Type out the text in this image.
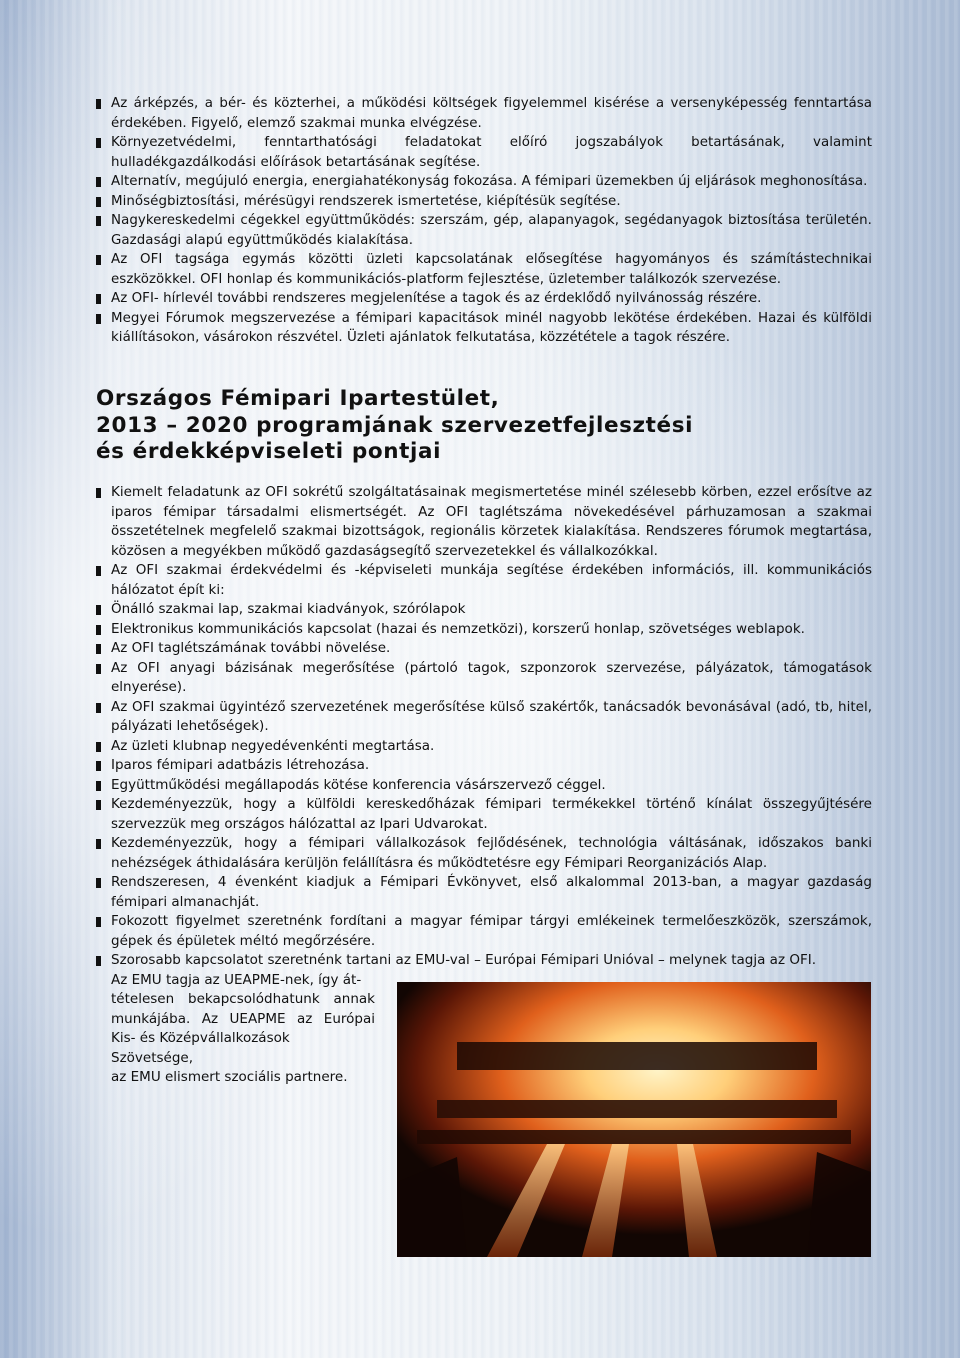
Az árképzés, a bér- és közterhei, a működési költségek figyelemmel kisérése a versenyképesség fenntartása érdekében. Figyelő, elemző szakmai munka elvégzése.
Környezetvédelmi, fenntarthatósági feladatokat előíró jogszabályok betartásának, valamint hulladékgazdálkodási előírások betartásának segítése.
Alternatív, megújuló energia, energiahatékonyság fokozása. A fémipari üzemekben új eljárások meghonosítása.
Minőségbiztosítási, mérésügyi rendszerek ismertetése, kiépítésük segítése.
Nagykereskedelmi cégekkel együttműködés: szerszám, gép, alapanyagok, segédanyagok biztosítása területén. Gazdasági alapú együttműködés kialakítása.
Az OFI tagsága egymás közötti üzleti kapcsolatának elősegítése hagyományos és számítástechnikai eszközökkel. OFI honlap és kommunikációs-platform fejlesztése, üzletember találkozók szervezése.
Az OFI- hírlevél további rendszeres megjelenítése a tagok és az érdeklődő nyilvánosság részére.
Megyei Fórumok megszervezése a fémipari kapacitások minél nagyobb lekötése érdekében. Hazai és külföldi kiállításokon, vásárokon részvétel. Üzleti ajánlatok felkutatása, közzététele a tagok részére.
Országos Fémipari Ipartestület,
2013 – 2020 programjának szervezetfejlesztési
és érdekképviseleti pontjai
Kiemelt feladatunk az OFI sokrétű szolgáltatásainak megismertetése minél szélesebb körben, ezzel erősítve az iparos fémipar társadalmi elismertségét. Az OFI taglétszáma növekedésével párhuzamosan a szakmai összetételnek megfelelő szakmai bizottságok, regionális körzetek kialakítása. Rendszeres fórumok megtartása, közösen a megyékben működő gazdaságsegítő szervezetekkel és vállalkozókkal.
Az OFI szakmai érdekvédelmi és -képviseleti munkája segítése érdekében információs, ill. kommunikációs hálózatot épít ki:
Önálló szakmai lap, szakmai kiadványok, szórólapok
Elektronikus kommunikációs kapcsolat (hazai és nemzetközi), korszerű honlap, szövetséges weblapok.
Az OFI taglétszámának további növelése.
Az OFI anyagi bázisának megerősítése (pártoló tagok, szponzorok szervezése, pályázatok, támogatások elnyerése).
Az OFI szakmai ügyintéző szervezetének megerősítése külső szakértők, tanácsadók bevonásával (adó, tb, hitel, pályázati lehetőségek).
Az üzleti klubnap negyedévenkénti megtartása.
Iparos fémipari adatbázis létrehozása.
Együttműködési megállapodás kötése konferencia vásárszervező céggel.
Kezdeményezzük, hogy a külföldi kereskedőházak fémipari termékekkel történő kínálat összegyűjtésére szervezzük meg országos hálózattal az Ipari Udvarokat.
Kezdeményezzük, hogy a fémipari vállalkozások fejlődésének, technológia váltásának, időszakos banki nehézségek áthidalására kerüljön felállításra és működtetésre egy Fémipari Reorganizációs Alap.
Rendszeresen, 4 évenként kiadjuk a Fémipari Évkönyvet, első alkalommal 2013-ban, a magyar gazdaság fémipari almanachját.
Fokozott figyelmet szeretnénk fordítani a magyar fémipar tárgyi emlékeinek termelőeszközök, szerszámok, gépek és épületek méltó megőrzésére.
Szorosabb kapcsolatot szeretnénk tartani az EMU-val – Európai Fémipari Unióval – melynek tagja az OFI.
Az EMU tagja az UEAPME-nek, így át-
tételesen bekapcsolódhatunk annak
munkájába. Az UEAPME az Európai
Kis- és Középvállalkozások Szövetsége,
az EMU elismert szociális partnere.
